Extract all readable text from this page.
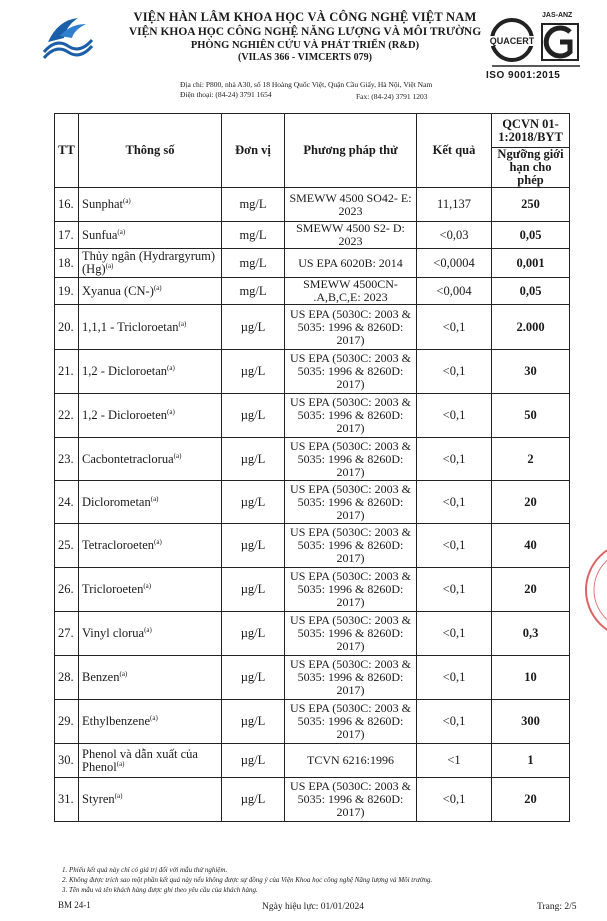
VIỆN HÀN LÂM KHOA HỌC VÀ CÔNG NGHỆ VIỆT NAM
VIỆN KHOA HỌC CÔNG NGHỆ NĂNG LƯỢNG VÀ MÔI TRƯỜNG
PHÒNG NGHIÊN CỨU VÀ PHÁT TRIỂN (R&D)
(VILAS 366 - VIMCERTS 079)
Địa chỉ: P800, nhà A30, số 18 Hoàng Quốc Việt, Quận Cầu Giấy, Hà Nội, Việt Nam
Điện thoại: (84-24) 3791 1654	Fax: (84-24) 3791 1203
QUACERT
JAS-ANZ
ISO 9001:2015
TT	Thông số	Đơn vị	Phương pháp thử	Kết quả	QCVN 01-1:2018/BYT
					Ngưỡng giới hạn cho phép
16.	Sunphat$^{(a)}$	mg/L	SMEWW 4500 SO42- E: 2023	11,137	250
17.	Sunfua$^{(a)}$	mg/L	SMEWW 4500 S2- D: 2023	<0,03	0,05
18.	Thủy ngân (Hydrargyrum) $(Hg)^{(a)}$	mg/L	US EPA 6020B: 2014	<0,0004	0,001
19.	Xyanua $(CN-)^{(a)}$	mg/L	SMEWW 4500CN- .A,B,C,E: 2023	<0,004	0,05
20.	1,1,1 - Tricloroetan$^{(a)}$	µg/L	US EPA (5030C: 2003 & 5035: 1996 & 8260D: 2017)	<0,1	2.000
21.	1,2 - Dicloroetan$^{(a)}$	µg/L	US EPA (5030C: 2003 & 5035: 1996 & 8260D: 2017)	<0,1	30
22.	1,2 - Dicloroeten$^{(a)}$	µg/L	US EPA (5030C: 2003 & 5035: 1996 & 8260D: 2017)	<0,1	50
23.	Cacbontetraclorua$^{(a)}$	µg/L	US EPA (5030C: 2003 & 5035: 1996 & 8260D: 2017)	<0,1	2
24.	Diclorometan$^{(a)}$	µg/L	US EPA (5030C: 2003 & 5035: 1996 & 8260D: 2017)	<0,1	20
25.	Tetracloroeten$^{(a)}$	µg/L	US EPA (5030C: 2003 & 5035: 1996 & 8260D: 2017)	<0,1	40
26.	Tricloroeten$^{(a)}$	µg/L	US EPA (5030C: 2003 & 5035: 1996 & 8260D: 2017)	<0,1	20
27.	Vinyl clorua$^{(a)}$	µg/L	US EPA (5030C: 2003 & 5035: 1996 & 8260D: 2017)	<0,1	0,3
28.	Benzen$^{(a)}$	µg/L	US EPA (5030C: 2003 & 5035: 1996 & 8260D: 2017)	<0,1	10
29.	Ethylbenzene$^{(a)}$	µg/L	US EPA (5030C: 2003 & 5035: 1996 & 8260D: 2017)	<0,1	300
30.	Phenol và dẫn xuất của Phenol$^{(a)}$	µg/L	TCVN 6216:1996	<1	1
31.	Styren$^{(a)}$	µg/L	US EPA (5030C: 2003 & 5035: 1996 & 8260D: 2017)	<0,1	20
1. Phiếu kết quả này chỉ có giá trị đối với mẫu thử nghiệm.
2. Không được trích sao một phần kết quả này nếu không được sự đồng ý của Viện Khoa học công nghệ Năng lượng và Môi trường.
3. Tên mẫu và tên khách hàng được ghi theo yêu cầu của khách hàng.
BM 24-1	Ngày hiệu lực: 01/01/2024	Trang: 2/5
